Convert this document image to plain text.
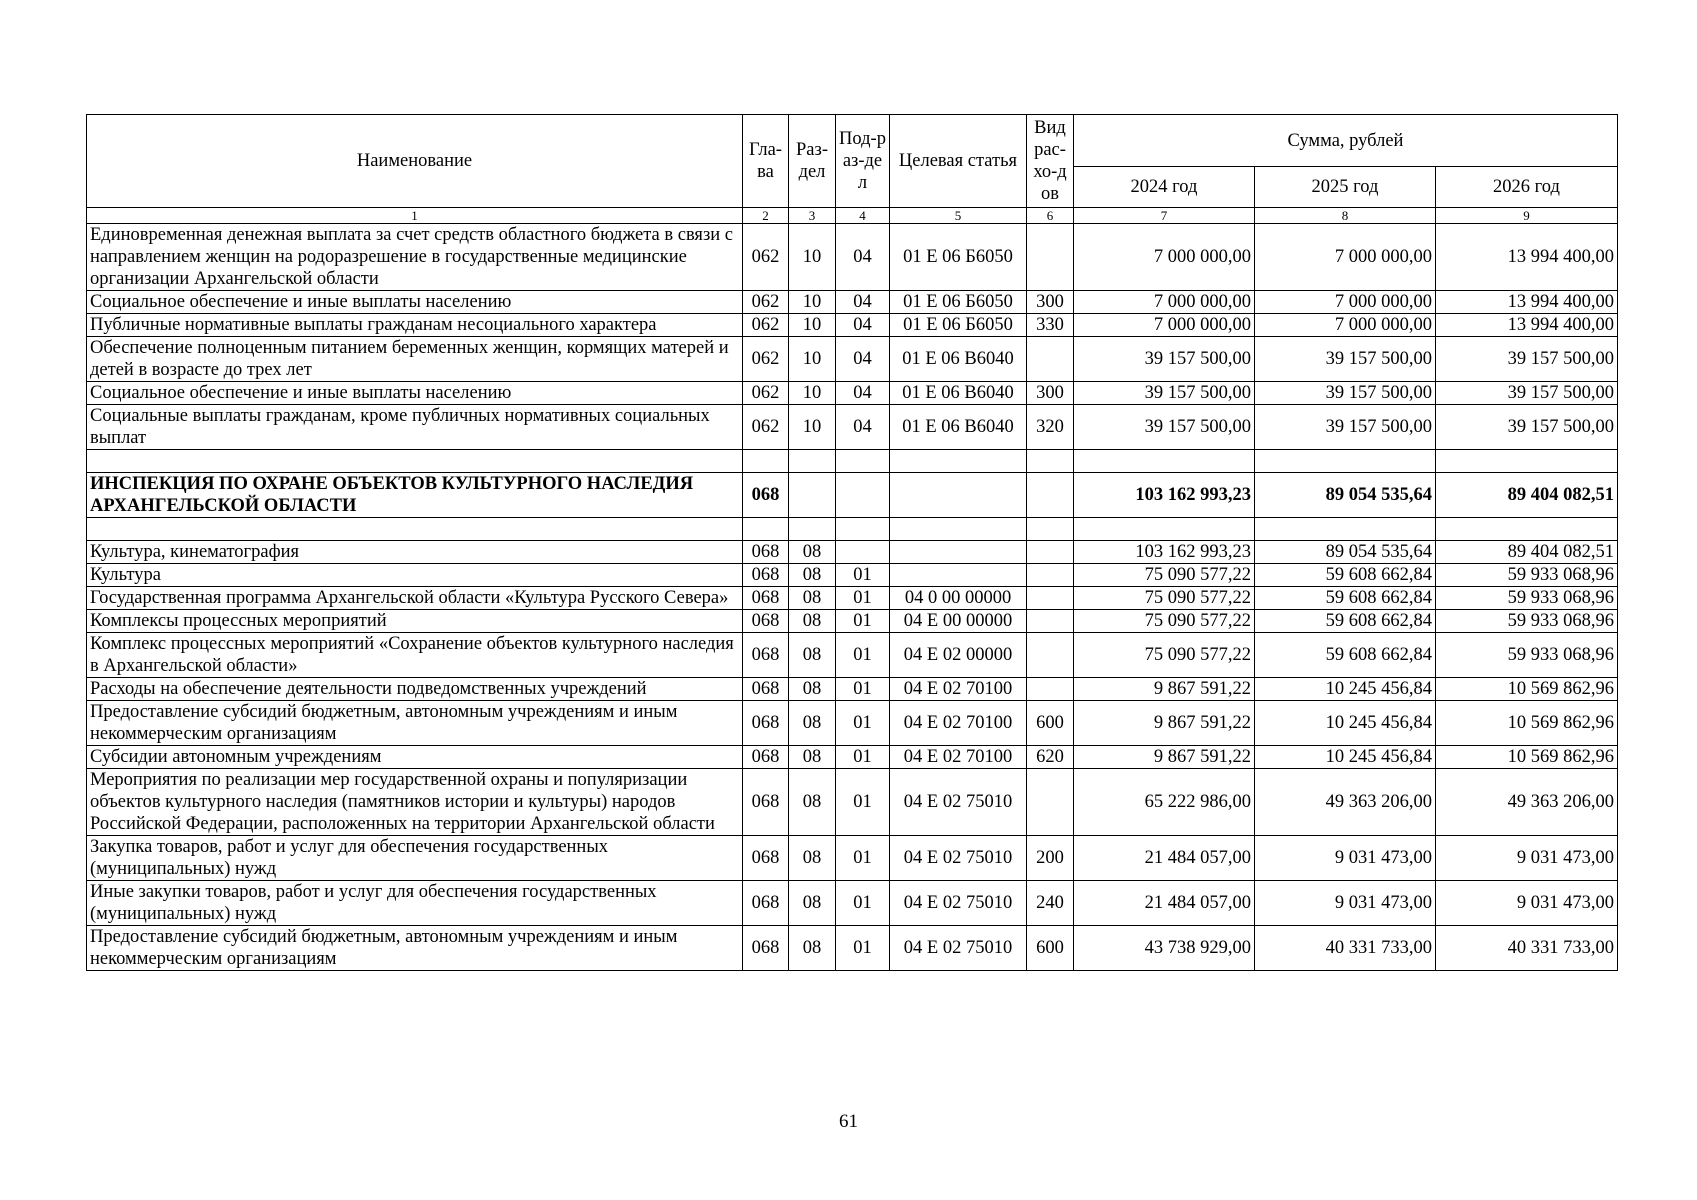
Наименование	Гла-ва	Раз-дел	Под-раз-дел	Целевая статья	Вид рас-хо-дов	Сумма, рублей		
						2024 год	2025 год	2026 год
1	2	3	4	5	6	7	8	9
Единовременная денежная выплата за счет средств областного бюджета в связи с направлением женщин на родоразрешение в государственные медицинские организации Архангельской области	062	10	04	01 Е 06 Б6050		7 000 000,00	7 000 000,00	13 994 400,00
Социальное обеспечение и иные выплаты населению	062	10	04	01 Е 06 Б6050	300	7 000 000,00	7 000 000,00	13 994 400,00
Публичные нормативные выплаты гражданам несоциального характера	062	10	04	01 Е 06 Б6050	330	7 000 000,00	7 000 000,00	13 994 400,00
Обеспечение полноценным питанием беременных женщин, кормящих матерей и детей в возрасте до трех лет	062	10	04	01 Е 06 В6040		39 157 500,00	39 157 500,00	39 157 500,00
Социальное обеспечение и иные выплаты населению	062	10	04	01 Е 06 В6040	300	39 157 500,00	39 157 500,00	39 157 500,00
Социальные выплаты гражданам, кроме публичных нормативных социальных выплат	062	10	04	01 Е 06 В6040	320	39 157 500,00	39 157 500,00	39 157 500,00

ИНСПЕКЦИЯ ПО ОХРАНЕ ОБЪЕКТОВ КУЛЬТУРНОГО НАСЛЕДИЯ АРХАНГЕЛЬСКОЙ ОБЛАСТИ	068					103 162 993,23	89 054 535,64	89 404 082,51

Культура, кинематография	068	08				103 162 993,23	89 054 535,64	89 404 082,51
Культура	068	08	01			75 090 577,22	59 608 662,84	59 933 068,96
Государственная программа Архангельской области «Культура Русского Севера»	068	08	01	04 0 00 00000		75 090 577,22	59 608 662,84	59 933 068,96
Комплексы процессных мероприятий	068	08	01	04 Е 00 00000		75 090 577,22	59 608 662,84	59 933 068,96
Комплекс процессных мероприятий «Сохранение объектов культурного наследия в Архангельской области»	068	08	01	04 Е 02 00000		75 090 577,22	59 608 662,84	59 933 068,96
Расходы на обеспечение деятельности подведомственных учреждений	068	08	01	04 Е 02 70100		9 867 591,22	10 245 456,84	10 569 862,96
Предоставление субсидий бюджетным, автономным учреждениям и иным некоммерческим организациям	068	08	01	04 Е 02 70100	600	9 867 591,22	10 245 456,84	10 569 862,96
Субсидии автономным учреждениям	068	08	01	04 Е 02 70100	620	9 867 591,22	10 245 456,84	10 569 862,96
Мероприятия по реализации мер государственной охраны и популяризации объектов культурного наследия (памятников истории и культуры) народов Российской Федерации, расположенных на территории Архангельской области	068	08	01	04 Е 02 75010		65 222 986,00	49 363 206,00	49 363 206,00
Закупка товаров, работ и услуг для обеспечения государственных (муниципальных) нужд	068	08	01	04 Е 02 75010	200	21 484 057,00	9 031 473,00	9 031 473,00
Иные закупки товаров, работ и услуг для обеспечения государственных (муниципальных) нужд	068	08	01	04 Е 02 75010	240	21 484 057,00	9 031 473,00	9 031 473,00
Предоставление субсидий бюджетным, автономным учреждениям и иным некоммерческим организациям	068	08	01	04 Е 02 75010	600	43 738 929,00	40 331 733,00	40 331 733,00
61
